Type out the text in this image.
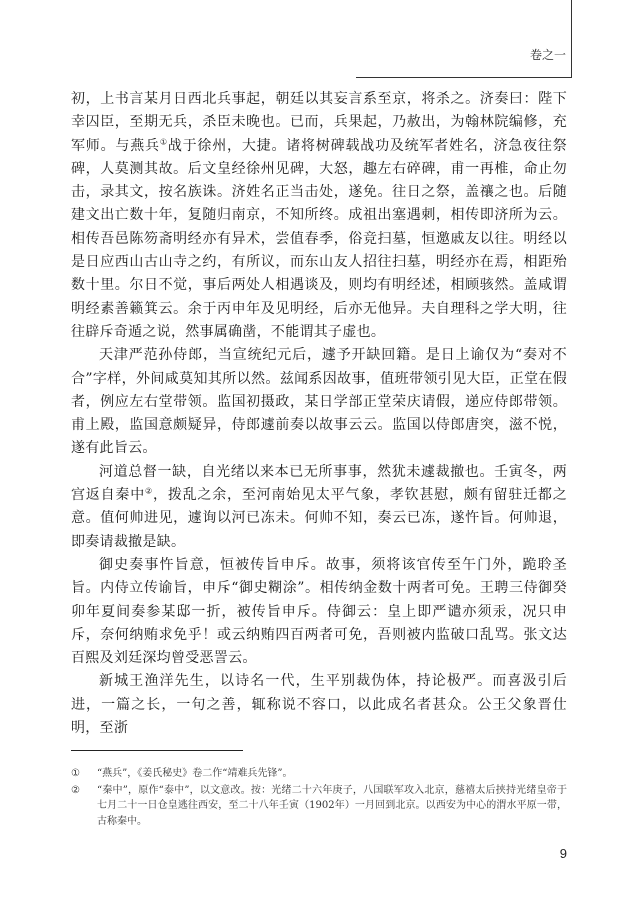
卷之一

初，上书言某月日西北兵事起，朝廷以其妄言系至京，将杀之。济奏曰：陛下幸囚臣，至期无兵，杀臣未晚也。已而，兵果起，乃赦出，为翰林院编修，充军师。与燕兵①战于徐州，大捷。诸将树碑载战功及统军者姓名，济急夜往祭碑，人莫测其故。后文皇经徐州见碑，大怒，趣左右碎碑，甫一再椎，命止勿击，录其文，按名族诛。济姓名正当击处，遂免。往日之祭，盖禳之也。后随建文出亡数十年，复随归南京，不知所终。成祖出塞遇刺，相传即济所为云。相传吾邑陈笏斋明经亦有异术，尝值春季，俗竞扫墓，恒邀戚友以往。明经以是日应西山古山寺之约，有所议，而东山友人招往扫墓，明经亦在焉，相距殆数十里。尔日不觉，事后两处人相遇谈及，则均有明经述，相顾骇然。盖咸谓明经素善籁箕云。余于丙申年及见明经，后亦无他异。夫自理科之学大明，往往辟斥奇遁之说，然事属确凿，不能谓其子虚也。

天津严范孙侍郎，当宣统纪元后，遽予开缺回籍。是日上谕仅为“奏对不合”字样，外间咸莫知其所以然。兹闻系因故事，值班带领引见大臣，正堂在假者，例应左右堂带领。监国初摄政，某日学部正堂荣庆请假，递应侍郎带领。甫上殿，监国意颇疑异，侍郎遽前奏以故事云云。监国以侍郎唐突，滋不悦，遂有此旨云。

河道总督一缺，自光绪以来本已无所事事，然犹未遽裁撤也。壬寅冬，两宫返自秦中②，拨乱之余，至河南始见太平气象，孝钦甚慰，颇有留驻迁都之意。值何帅进见，遽询以河已冻未。何帅不知，奏云已冻，遂忤旨。何帅退，即奏请裁撤是缺。

御史奏事忤旨意，恒被传旨申斥。故事，须将该官传至午门外，跪聆圣旨。内侍立传谕旨，申斥“御史糊涂”。相传纳金数十两者可免。王聘三侍御癸卯年夏间奏参某邸一折，被传旨申斥。侍御云：皇上即严谴亦须汞，况只申斥，奈何纳贿求免乎！或云纳贿四百两者可免，吾则被内监破口乱骂。张文达百熙及刘廷深均曾受恶詈云。

新城王渔洋先生，以诗名一代，生平别裁伪体，持论极严。而喜汲引后进，一篇之长，一句之善，辄称说不容口，以此成名者甚众。公王父象晋仕明，至浙

①	“燕兵”，《姜氏秘史》卷二作“靖难兵先锋”。
②	“秦中”，原作“泰中”，以文意改。按：光绪二十六年庚子，八国联军攻入北京，慈禧太后挟持光绪皇帝于七月二十一日仓皇逃往西安，至二十八年壬寅（1902年）一月回到北京。以西安为中心的渭水平原一带，古称秦中。
9
